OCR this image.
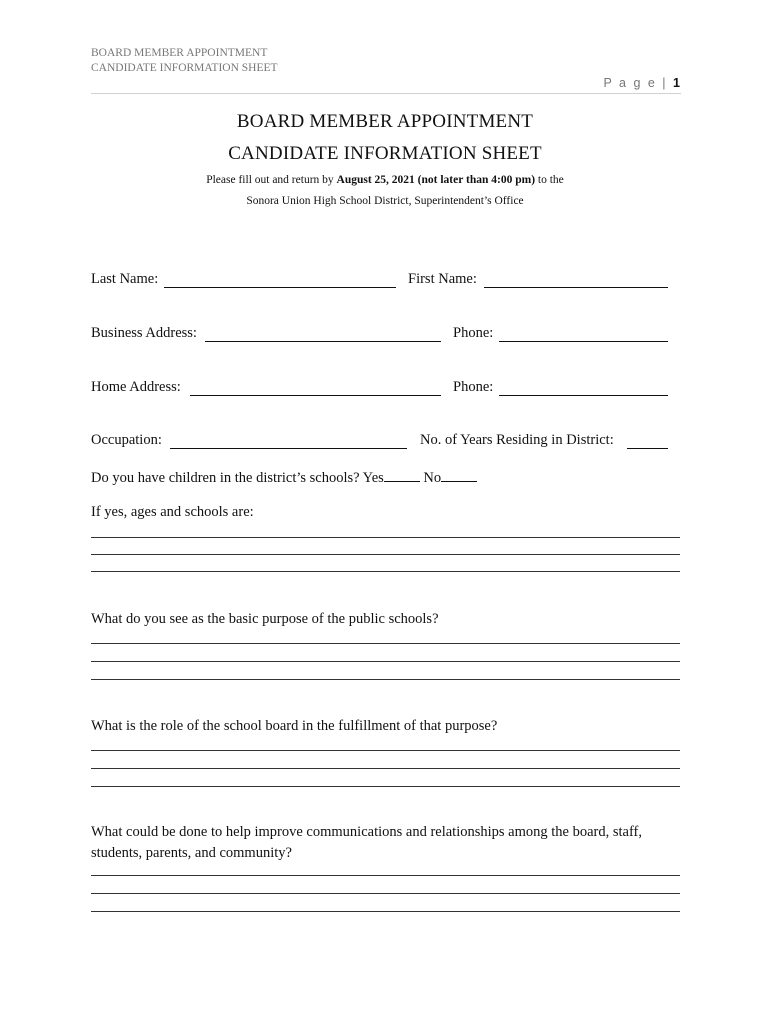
BOARD MEMBER APPOINTMENT
CANDIDATE INFORMATION SHEET
P a g e | 1
BOARD MEMBER APPOINTMENT
CANDIDATE INFORMATION SHEET
Please fill out and return by August 25, 2021 (not later than 4:00 pm) to the
Sonora Union High School District, Superintendent’s Office
Last Name:	First Name:
Business Address:	Phone:
Home Address:	Phone:
Occupation:	No. of Years Residing in District:
Do you have children in the district’s schools? Yes	No
If yes, ages and schools are:
What do you see as the basic purpose of the public schools?
What is the role of the school board in the fulfillment of that purpose?
What could be done to help improve communications and relationships among the board, staff, students, parents, and community?
